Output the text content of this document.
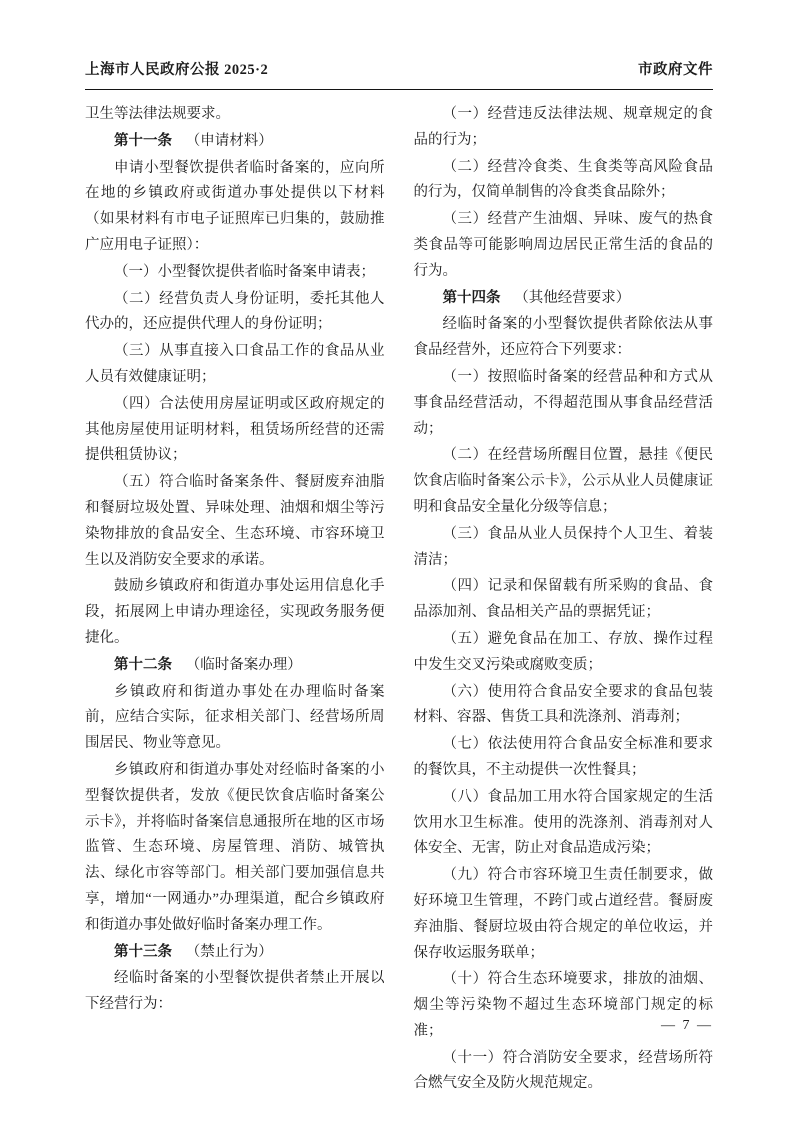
上海市人民政府公报 2025·2	市政府文件

卫生等法律法规要求。

第十一条 （申请材料）

申请小型餐饮提供者临时备案的，应向所在地的乡镇政府或街道办事处提供以下材料（如果材料有市电子证照库已归集的，鼓励推广应用电子证照）：

（一）小型餐饮提供者临时备案申请表；

（二）经营负责人身份证明，委托其他人代办的，还应提供代理人的身份证明；

（三）从事直接入口食品工作的食品从业人员有效健康证明；

（四）合法使用房屋证明或区政府规定的其他房屋使用证明材料，租赁场所经营的还需提供租赁协议；

（五）符合临时备案条件、餐厨废弃油脂和餐厨垃圾处置、异味处理、油烟和烟尘等污染物排放的食品安全、生态环境、市容环境卫生以及消防安全要求的承诺。

鼓励乡镇政府和街道办事处运用信息化手段，拓展网上申请办理途径，实现政务服务便捷化。

第十二条 （临时备案办理）

乡镇政府和街道办事处在办理临时备案前，应结合实际，征求相关部门、经营场所周围居民、物业等意见。

乡镇政府和街道办事处对经临时备案的小型餐饮提供者，发放《便民饮食店临时备案公示卡》，并将临时备案信息通报所在地的区市场监管、生态环境、房屋管理、消防、城管执法、绿化市容等部门。相关部门要加强信息共享，增加“一网通办”办理渠道，配合乡镇政府和街道办事处做好临时备案办理工作。

第十三条 （禁止行为）

经临时备案的小型餐饮提供者禁止开展以下经营行为：

（一）经营违反法律法规、规章规定的食品的行为；

（二）经营冷食类、生食类等高风险食品的行为，仅简单制售的冷食类食品除外；

（三）经营产生油烟、异味、废气的热食类食品等可能影响周边居民正常生活的食品的行为。

第十四条 （其他经营要求）

经临时备案的小型餐饮提供者除依法从事食品经营外，还应符合下列要求：

（一）按照临时备案的经营品种和方式从事食品经营活动，不得超范围从事食品经营活动；

（二）在经营场所醒目位置，悬挂《便民饮食店临时备案公示卡》，公示从业人员健康证明和食品安全量化分级等信息；

（三）食品从业人员保持个人卫生、着装清洁；

（四）记录和保留载有所采购的食品、食品添加剂、食品相关产品的票据凭证；

（五）避免食品在加工、存放、操作过程中发生交叉污染或腐败变质；

（六）使用符合食品安全要求的食品包装材料、容器、售货工具和洗涤剂、消毒剂；

（七）依法使用符合食品安全标准和要求的餐饮具，不主动提供一次性餐具；

（八）食品加工用水符合国家规定的生活饮用水卫生标准。使用的洗涤剂、消毒剂对人体安全、无害，防止对食品造成污染；

（九）符合市容环境卫生责任制要求，做好环境卫生管理，不跨门或占道经营。餐厨废弃油脂、餐厨垃圾由符合规定的单位收运，并保存收运服务联单；

（十）符合生态环境要求，排放的油烟、烟尘等污染物不超过生态环境部门规定的标准；

（十一）符合消防安全要求，经营场所符合燃气安全及防火规范规定。

— 7 —
